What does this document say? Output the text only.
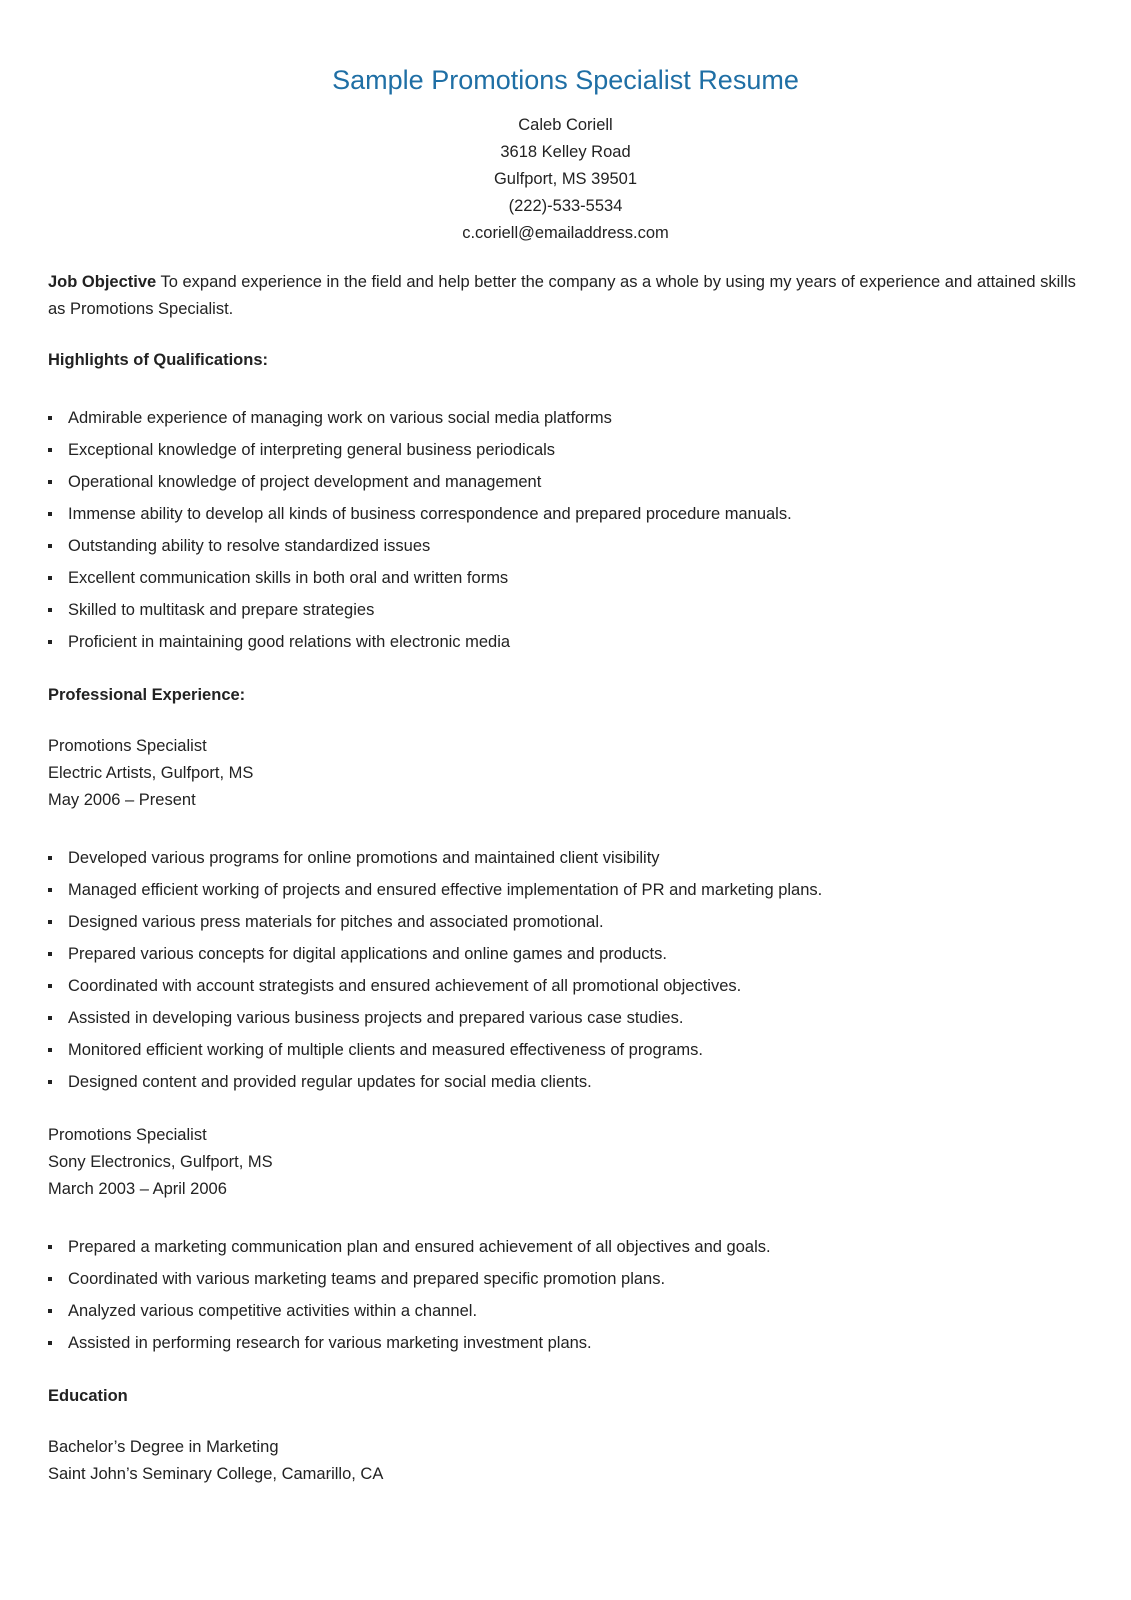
Sample Promotions Specialist Resume
Caleb Coriell
3618 Kelley Road
Gulfport, MS 39501
(222)-533-5534
c.coriell@emailaddress.com
Job Objective To expand experience in the field and help better the company as a whole by using my years of experience and attained skills as Promotions Specialist.
Highlights of Qualifications:
Admirable experience of managing work on various social media platforms
Exceptional knowledge of interpreting general business periodicals
Operational knowledge of project development and management
Immense ability to develop all kinds of business correspondence and prepared procedure manuals.
Outstanding ability to resolve standardized issues
Excellent communication skills in both oral and written forms
Skilled to multitask and prepare strategies
Proficient in maintaining good relations with electronic media
Professional Experience:
Promotions Specialist
Electric Artists, Gulfport, MS
May 2006 – Present
Developed various programs for online promotions and maintained client visibility
Managed efficient working of projects and ensured effective implementation of PR and marketing plans.
Designed various press materials for pitches and associated promotional.
Prepared various concepts for digital applications and online games and products.
Coordinated with account strategists and ensured achievement of all promotional objectives.
Assisted in developing various business projects and prepared various case studies.
Monitored efficient working of multiple clients and measured effectiveness of programs.
Designed content and provided regular updates for social media clients.
Promotions Specialist
Sony Electronics, Gulfport, MS
March 2003 – April 2006
Prepared a marketing communication plan and ensured achievement of all objectives and goals.
Coordinated with various marketing teams and prepared specific promotion plans.
Analyzed various competitive activities within a channel.
Assisted in performing research for various marketing investment plans.
Education
Bachelor’s Degree in Marketing
Saint John’s Seminary College, Camarillo, CA
